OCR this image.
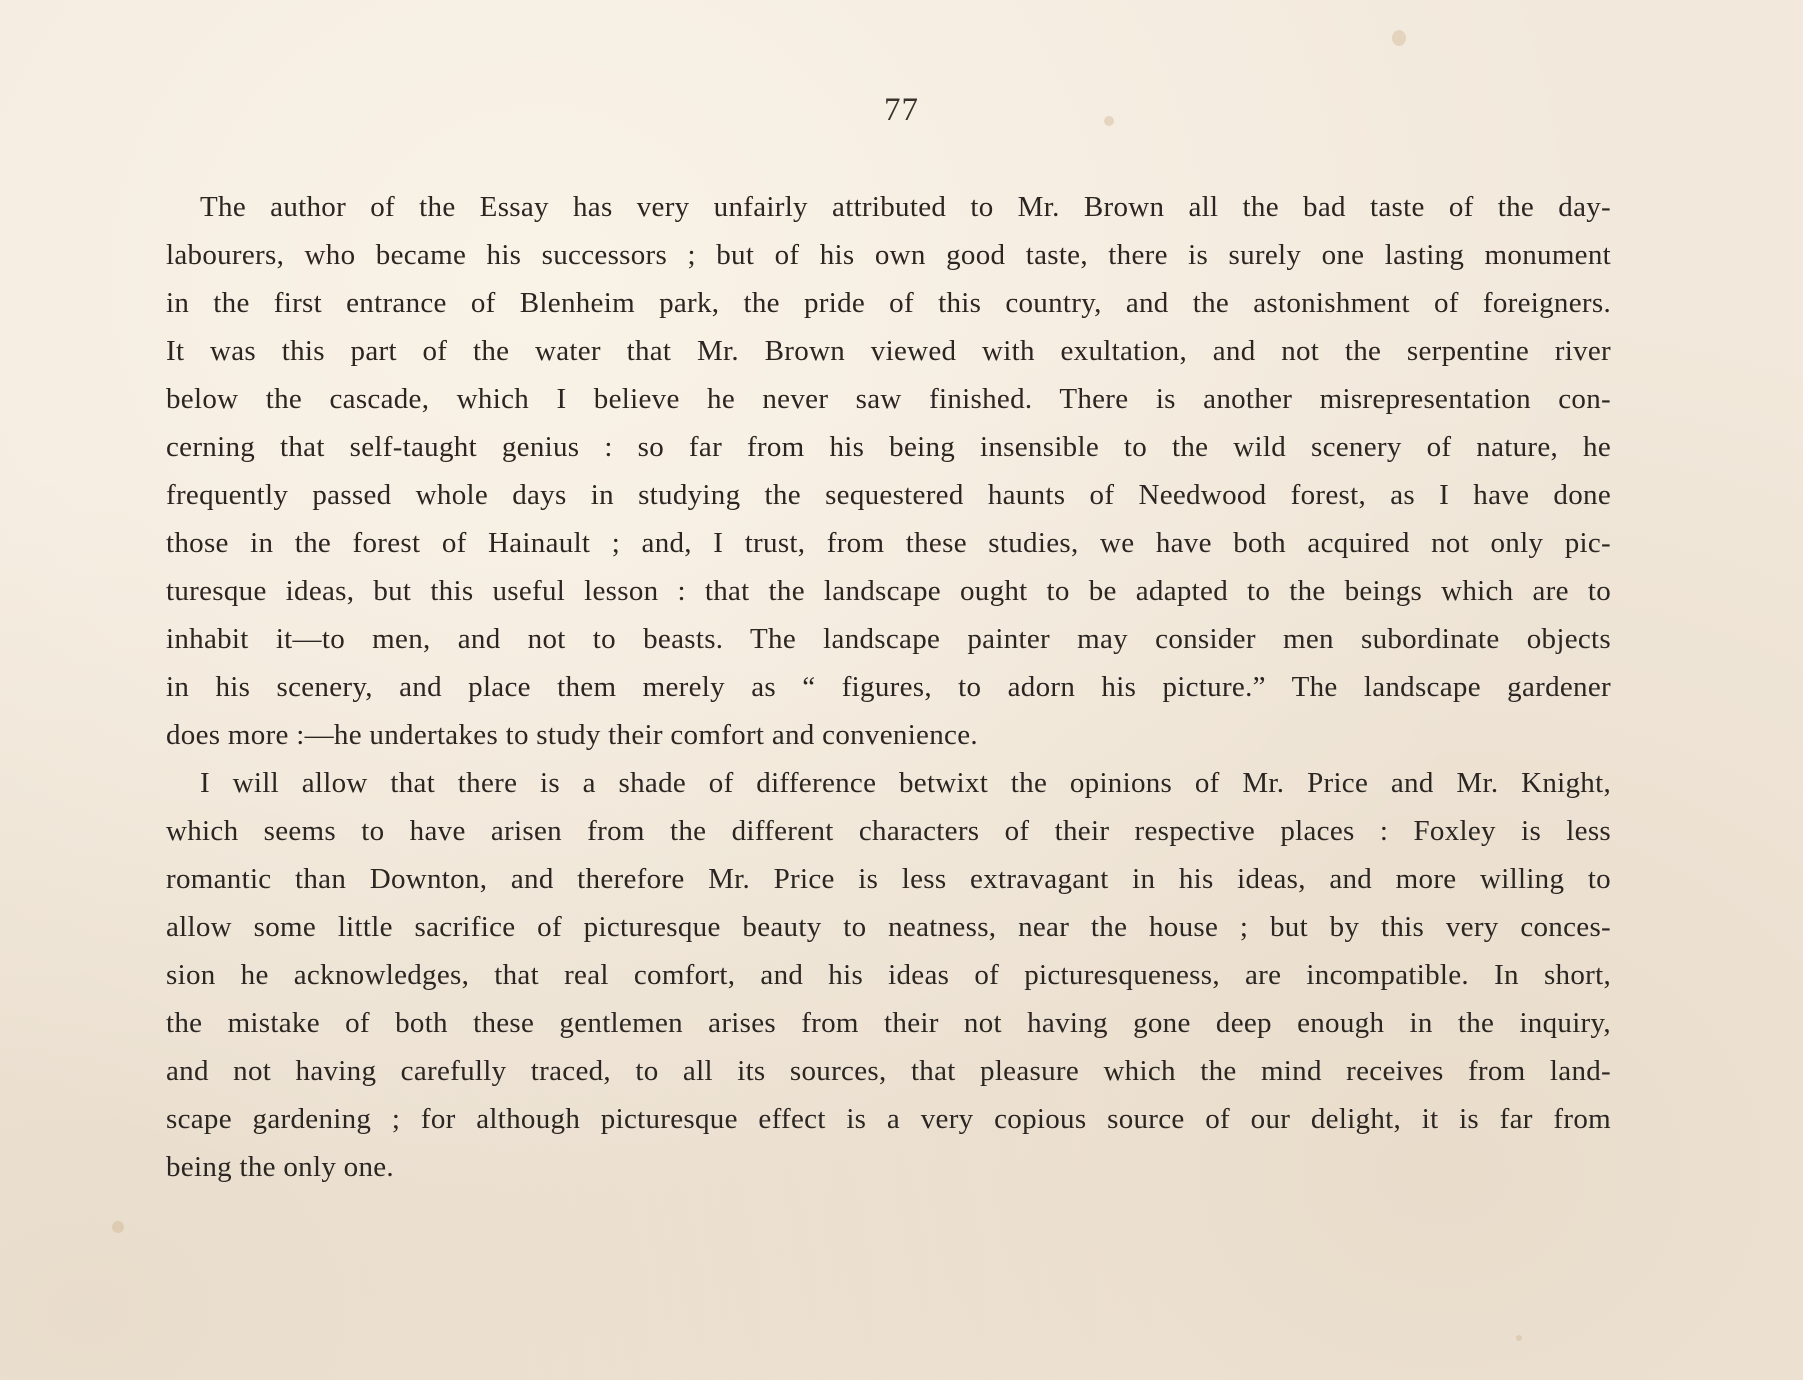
77
The author of the Essay has very unfairly attributed to Mr. Brown all the bad taste of the day-
labourers, who became his successors ; but of his own good taste, there is surely one lasting monument
in the first entrance of Blenheim park, the pride of this country, and the astonishment of foreigners.
It was this part of the water that Mr. Brown viewed with exultation, and not the serpentine river
below the cascade, which I believe he never saw finished. There is another misrepresentation con-
cerning that self-taught genius : so far from his being insensible to the wild scenery of nature, he
frequently passed whole days in studying the sequestered haunts of Needwood forest, as I have done
those in the forest of Hainault ; and, I trust, from these studies, we have both acquired not only pic-
turesque ideas, but this useful lesson : that the landscape ought to be adapted to the beings which are to
inhabit it—to men, and not to beasts. The landscape painter may consider men subordinate objects
in his scenery, and place them merely as “ figures, to adorn his picture.” The landscape gardener
does more :—he undertakes to study their comfort and convenience.
I will allow that there is a shade of difference betwixt the opinions of Mr. Price and Mr. Knight,
which seems to have arisen from the different characters of their respective places : Foxley is less
romantic than Downton, and therefore Mr. Price is less extravagant in his ideas, and more willing to
allow some little sacrifice of picturesque beauty to neatness, near the house ; but by this very conces-
sion he acknowledges, that real comfort, and his ideas of picturesqueness, are incompatible. In short,
the mistake of both these gentlemen arises from their not having gone deep enough in the inquiry,
and not having carefully traced, to all its sources, that pleasure which the mind receives from land-
scape gardening ; for although picturesque effect is a very copious source of our delight, it is far from
being the only one.
